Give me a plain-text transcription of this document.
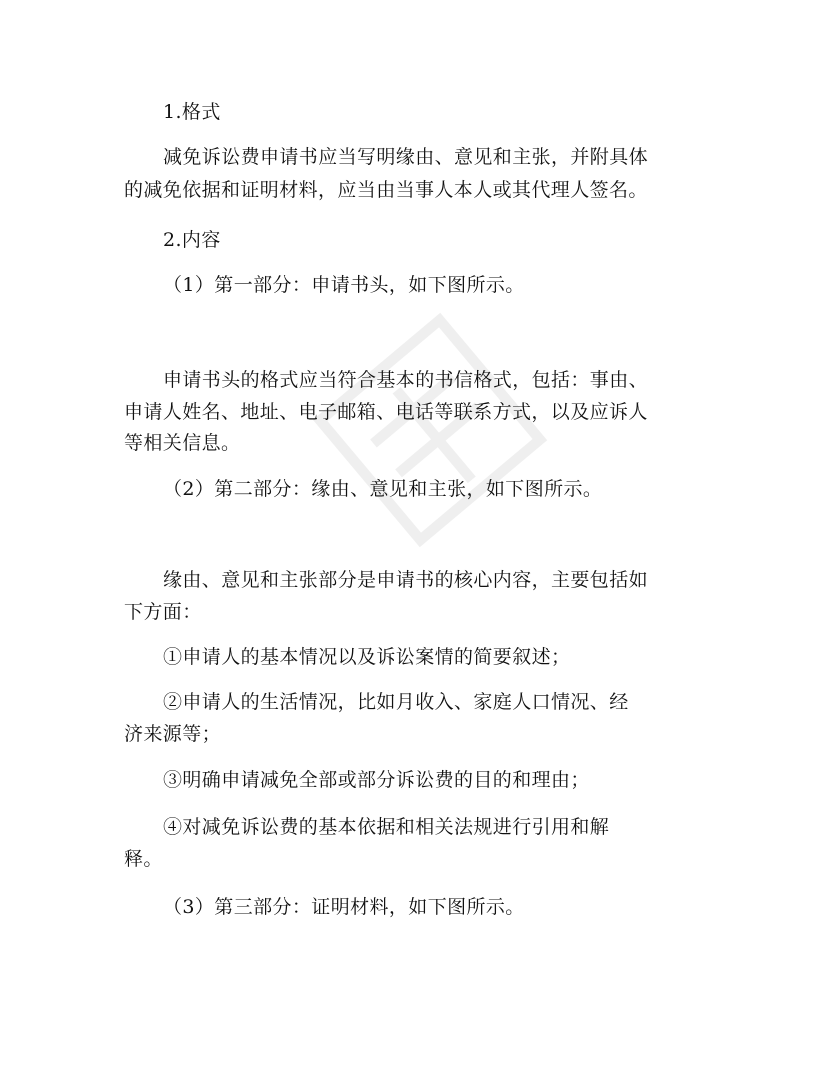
1.格式
减免诉讼费申请书应当写明缘由、意见和主张，并附具体
的减免依据和证明材料，应当由当事人本人或其代理人签名。
2.内容
（1）第一部分：申请书头，如下图所示。
申请书头的格式应当符合基本的书信格式，包括：事由、
申请人姓名、地址、电子邮箱、电话等联系方式，以及应诉人
等相关信息。
（2）第二部分：缘由、意见和主张，如下图所示。
缘由、意见和主张部分是申请书的核心内容，主要包括如
下方面：
①申请人的基本情况以及诉讼案情的简要叙述；
②申请人的生活情况，比如月收入、家庭人口情况、经
济来源等；
③明确申请减免全部或部分诉讼费的目的和理由；
④对减免诉讼费的基本依据和相关法规进行引用和解
释。
（3）第三部分：证明材料，如下图所示。
